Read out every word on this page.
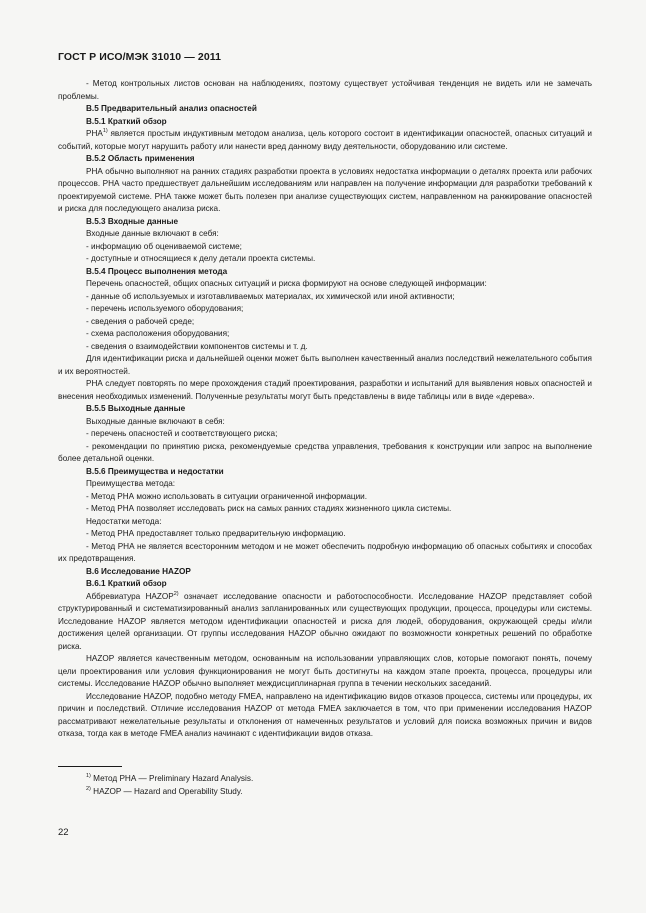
ГОСТ Р ИСО/МЭК 31010 — 2011

- Метод контрольных листов основан на наблюдениях, поэтому существует устойчивая тенденция не видеть или не замечать проблемы.

В.5 Предварительный анализ опасностей

В.5.1 Краткий обзор

РНА$^{1)}$ является простым индуктивным методом анализа, цель которого состоит в идентификации опасностей, опасных ситуаций и событий, которые могут нарушить работу или нанести вред данному виду деятельности, оборудованию или системе.

В.5.2 Область применения

РНА обычно выполняют на ранних стадиях разработки проекта в условиях недостатка информации о деталях проекта или рабочих процессов. РНА часто предшествует дальнейшим исследованиям или направлен на получение информации для разработки требований к проектируемой системе. РНА также может быть полезен при анализе существующих систем, направленном на ранжирование опасностей и риска для последующего анализа риска.

В.5.3 Входные данные

Входные данные включают в себя:

- информацию об оцениваемой системе;

- доступные и относящиеся к делу детали проекта системы.

В.5.4 Процесс выполнения метода

Перечень опасностей, общих опасных ситуаций и риска формируют на основе следующей информации:

- данные об используемых и изготавливаемых материалах, их химической или иной активности;

- перечень используемого оборудования;

- сведения о рабочей среде;

- схема расположения оборудования;

- сведения о взаимодействии компонентов системы и т. д.

Для идентификации риска и дальнейшей оценки может быть выполнен качественный анализ последствий нежелательного события и их вероятностей.

РНА следует повторять по мере прохождения стадий проектирования, разработки и испытаний для выявления новых опасностей и внесения необходимых изменений. Полученные результаты могут быть представлены в виде таблицы или в виде «дерева».

В.5.5 Выходные данные

Выходные данные включают в себя:

- перечень опасностей и соответствующего риска;

- рекомендации по принятию риска, рекомендуемые средства управления, требования к конструкции или запрос на выполнение более детальной оценки.

В.5.6 Преимущества и недостатки

Преимущества метода:

- Метод РНА можно использовать в ситуации ограниченной информации.

- Метод РНА позволяет исследовать риск на самых ранних стадиях жизненного цикла системы.

Недостатки метода:

- Метод РНА предоставляет только предварительную информацию.

- Метод РНА не является всесторонним методом и не может обеспечить подробную информацию об опасных событиях и способах их предотвращения.

В.6 Исследование HAZOP

В.6.1 Краткий обзор

Аббревиатура HAZOP$^{2)}$ означает исследование опасности и работоспособности. Исследование HAZOP представляет собой структурированный и систематизированный анализ запланированных или существующих продукции, процесса, процедуры или системы. Исследование HAZOP является методом идентификации опасностей и риска для людей, оборудования, окружающей среды и/или достижения целей организации. От группы исследования HAZOP обычно ожидают по возможности конкретных решений по обработке риска.

HAZOP является качественным методом, основанным на использовании управляющих слов, которые помогают понять, почему цели проектирования или условия функционирования не могут быть достигнуты на каждом этапе проекта, процесса, процедуры или системы. Исследование HAZOP обычно выполняет междисциплинарная группа в течении нескольких заседаний.

Исследование HAZOP, подобно методу FMEA, направлено на идентификацию видов отказов процесса, системы или процедуры, их причин и последствий. Отличие исследования HAZOP от метода FMEA заключается в том, что при применении исследования HAZOP рассматривают нежелательные результаты и отклонения от намеченных результатов и условий для поиска возможных причин и видов отказа, тогда как в методе FMEA анализ начинают с идентификации видов отказа.

$^{1)}$ Метод РНА — Preliminary Hazard Analysis.

$^{2)}$ HAZOP — Hazard and Operability Study.

22
